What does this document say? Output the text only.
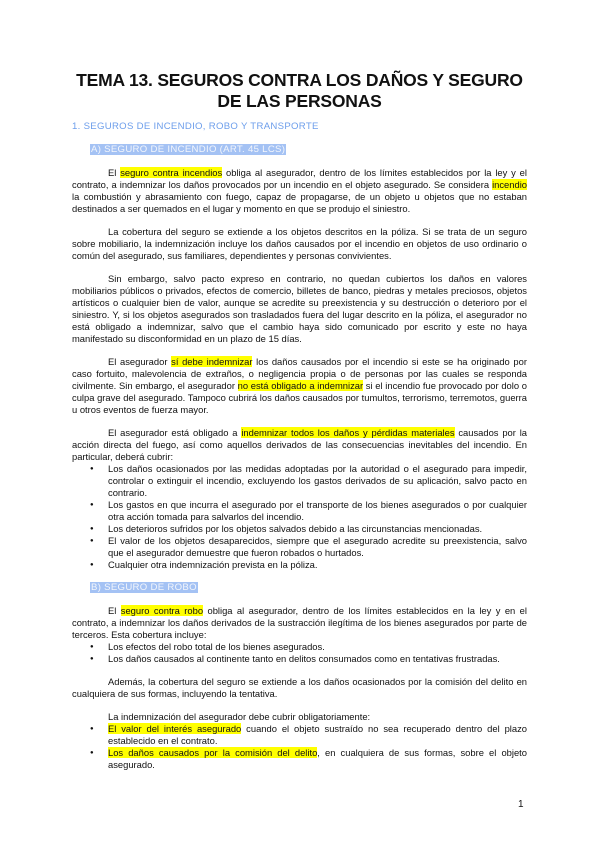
TEMA 13. SEGUROS CONTRA LOS DAÑOS Y SEGURO DE LAS PERSONAS
1. SEGUROS DE INCENDIO, ROBO Y TRANSPORTE
A) SEGURO DE INCENDIO (ART. 45 LCS)

El seguro contra incendios obliga al asegurador, dentro de los límites establecidos por la ley y el contrato, a indemnizar los daños provocados por un incendio en el objeto asegurado. Se considera incendio la combustión y abrasamiento con fuego, capaz de propagarse, de un objeto u objetos que no estaban destinados a ser quemados en el lugar y momento en que se produjo el siniestro.

La cobertura del seguro se extiende a los objetos descritos en la póliza. Si se trata de un seguro sobre mobiliario, la indemnización incluye los daños causados por el incendio en objetos de uso ordinario o común del asegurado, sus familiares, dependientes y personas convivientes.

Sin embargo, salvo pacto expreso en contrario, no quedan cubiertos los daños en valores mobiliarios públicos o privados, efectos de comercio, billetes de banco, piedras y metales preciosos, objetos artísticos o cualquier bien de valor, aunque se acredite su preexistencia y su destrucción o deterioro por el siniestro. Y, si los objetos asegurados son trasladados fuera del lugar descrito en la póliza, el asegurador no está obligado a indemnizar, salvo que el cambio haya sido comunicado por escrito y este no haya manifestado su disconformidad en un plazo de 15 días.

El asegurador sí debe indemnizar los daños causados por el incendio si este se ha originado por caso fortuito, malevolencia de extraños, o negligencia propia o de personas por las cuales se responda civilmente. Sin embargo, el asegurador no está obligado a indemnizar si el incendio fue provocado por dolo o culpa grave del asegurado. Tampoco cubrirá los daños causados por tumultos, terrorismo, terremotos, guerra u otros eventos de fuerza mayor.

El asegurador está obligado a indemnizar todos los daños y pérdidas materiales causados por la acción directa del fuego, así como aquellos derivados de las consecuencias inevitables del incendio. En particular, deberá cubrir:

● Los daños ocasionados por las medidas adoptadas por la autoridad o el asegurado para impedir, controlar o extinguir el incendio, excluyendo los gastos derivados de su aplicación, salvo pacto en contrario.
● Los gastos en que incurra el asegurado por el transporte de los bienes asegurados o por cualquier otra acción tomada para salvarlos del incendio.
● Los deterioros sufridos por los objetos salvados debido a las circunstancias mencionadas.
● El valor de los objetos desaparecidos, siempre que el asegurado acredite su preexistencia, salvo que el asegurador demuestre que fueron robados o hurtados.
● Cualquier otra indemnización prevista en la póliza.
B) SEGURO DE ROBO

El seguro contra robo obliga al asegurador, dentro de los límites establecidos en la ley y en el contrato, a indemnizar los daños derivados de la sustracción ilegítima de los bienes asegurados por parte de terceros. Esta cobertura incluye:

● Los efectos del robo total de los bienes asegurados.
● Los daños causados al continente tanto en delitos consumados como en tentativas frustradas.

Además, la cobertura del seguro se extiende a los daños ocasionados por la comisión del delito en cualquiera de sus formas, incluyendo la tentativa.

La indemnización del asegurador debe cubrir obligatoriamente:

● El valor del interés asegurado cuando el objeto sustraído no sea recuperado dentro del plazo establecido en el contrato.
● Los daños causados por la comisión del delito, en cualquiera de sus formas, sobre el objeto asegurado.
1
